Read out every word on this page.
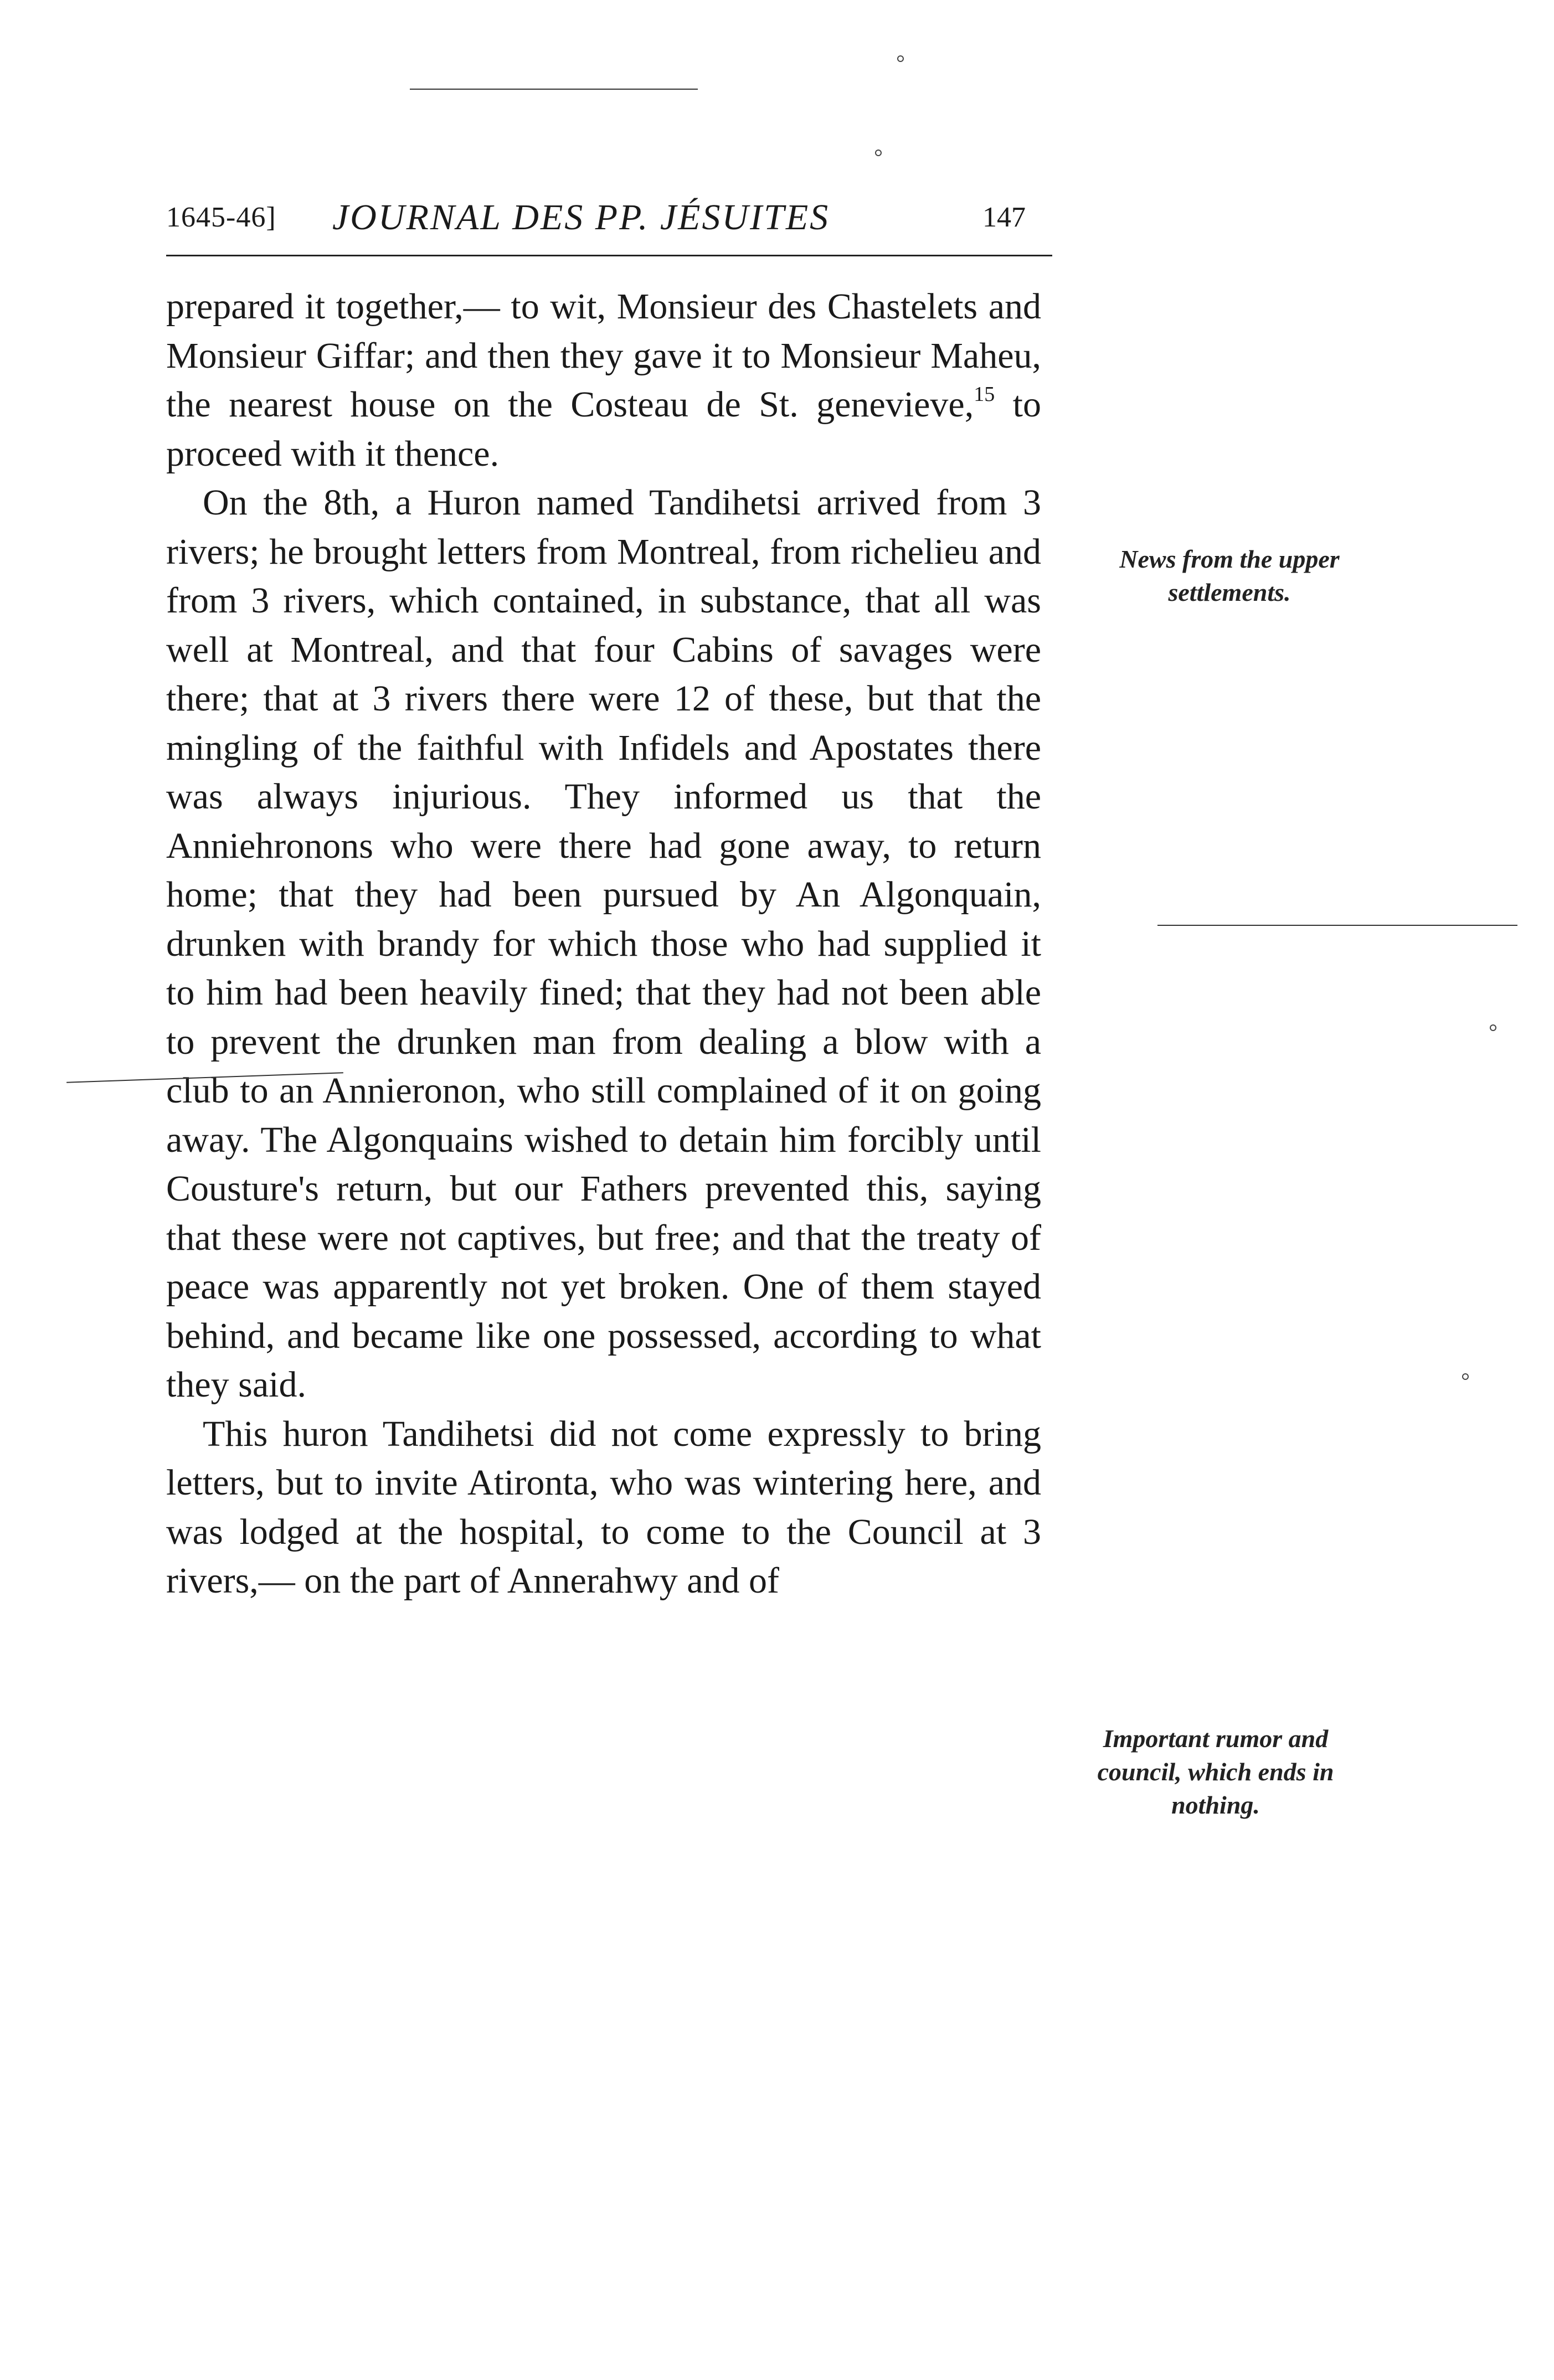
1645-46] JOURNAL DES PP. JÉSUITES	147

prepared it together,— to wit, Monsieur des Chastelets and Monsieur Giffar; and then they gave it to Monsieur Maheu, the nearest house on the Costeau de St. genevieve,$^{15}$ to proceed with it thence.

On the 8th, a Huron named Tandihetsi arrived from 3 rivers; he brought letters from Montreal, from richelieu and from 3 rivers, which contained, in substance, that all was well at Montreal, and that four Cabins of savages were there; that at 3 rivers there were 12 of these, but that the mingling of the faithful with Infidels and Apostates there was always injurious. They informed us that the Anniehronons who were there had gone away, to return home; that they had been pursued by An Algonquain, drunken with brandy for which those who had supplied it to him had been heavily fined; that they had not been able to prevent the drunken man from dealing a blow with a club to an Annieronon, who still complained of it on going away. The Algonquains wished to detain him forcibly until Cousture's return, but our Fathers prevented this, saying that these were not captives, but free; and that the treaty of peace was apparently not yet broken. One of them stayed behind, and became like one possessed, according to what they said.

This huron Tandihetsi did not come expressly to bring letters, but to invite Atironta, who was wintering here, and was lodged at the hospital, to come to the Council at 3 rivers,— on the part of Annerahwy and of

News from the upper settlements.
Important rumor and council, which ends in nothing.
